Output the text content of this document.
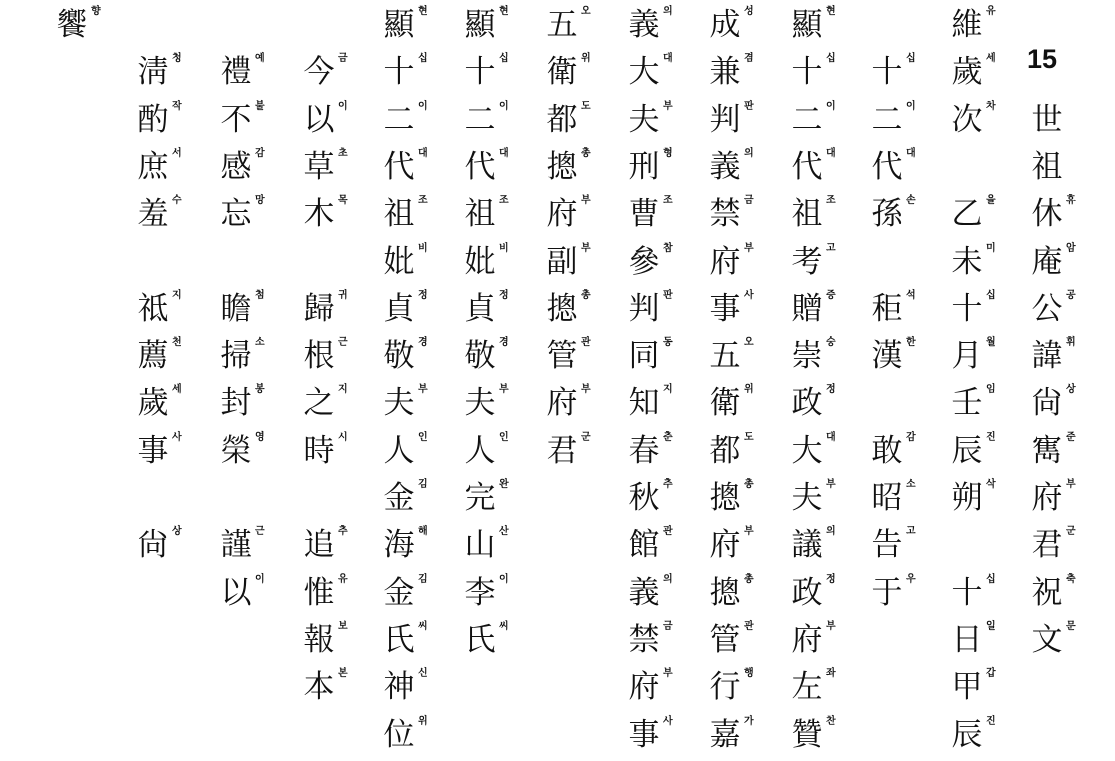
15
世
祖
休 휴
庵 암
公 공
諱 휘
尙 상
寯 준
府 부
君 군
祝 축
文 문
維 유
歲 세
次 차
乙 을
未 미
十 십
月 월
壬 임
辰 진
朔 삭
十 십
日 일
甲 갑
辰 진
十 십
二 이
代 대
孫 손
秬 석
漢 한
敢 감
昭 소
告 고
于 우
顯 현
十 십
二 이
代 대
祖 조
考 고
贈 증
崇 숭
政 정
大 대
夫 부
議 의
政 정
府 부
左 좌
贊 찬
成 성
兼 겸
判 판
義 의
禁 금
府 부
事 사
五 오
衛 위
都 도
摠 총
府 부
摠 총
管 관
行 행
嘉 가
義 의
大 대
夫 부
刑 형
曹 조
參 참
判 판
同 동
知 지
春 춘
秋 추
館 관
義 의
禁 금
府 부
事 사
五 오
衛 위
都 도
摠 총
府 부
副 부
摠 총
管 관
府 부
君 군
顯 현
十 십
二 이
代 대
祖 조
妣 비
貞 정
敬 경
夫 부
人 인
完 완
山 산
李 이
氏 씨
顯 현
十 십
二 이
代 대
祖 조
妣 비
貞 정
敬 경
夫 부
人 인
金 김
海 해
金 김
氏 씨
神 신
位 위
今 금
以 이
草 초
木 목
歸 귀
根 근
之 지
時 시
追 추
惟 유
報 보
本 본
禮 예
不 불
感 감
忘 망
瞻 첨
掃 소
封 봉
榮 영
謹 근
以 이
淸 청
酌 작
庶 서
羞 수
祗 지
薦 천
歲 세
事 사
尙 상
饗 향
